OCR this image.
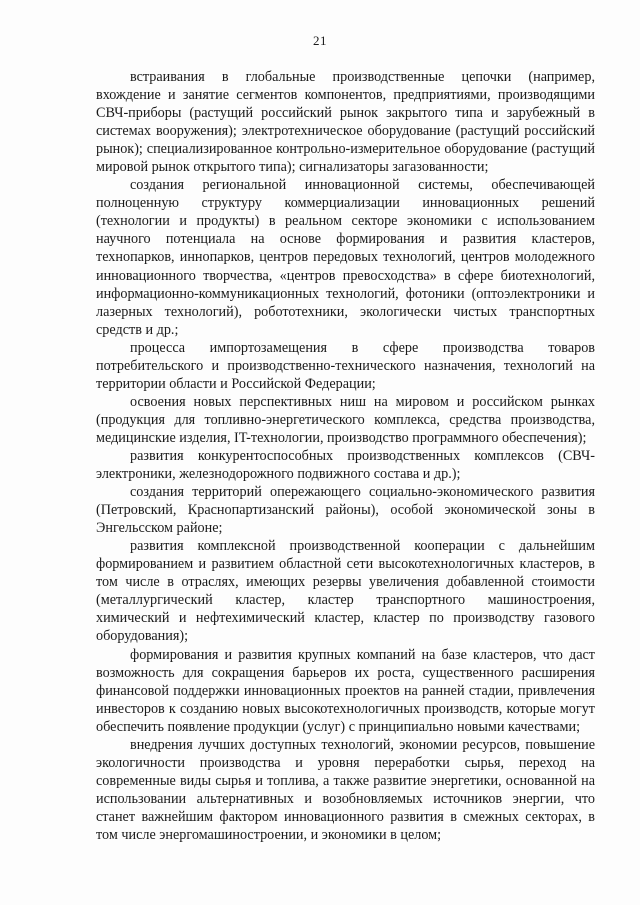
21

встраивания в глобальные производственные цепочки (например, вхождение и занятие сегментов компонентов, предприятиями, производящими СВЧ-приборы (растущий российский рынок закрытого типа и зарубежный в системах вооружения); электротехническое оборудование (растущий российский рынок); специализированное контрольно-измерительное оборудование (растущий мировой рынок открытого типа); сигнализаторы загазованности;

создания региональной инновационной системы, обеспечивающей полноценную структуру коммерциализации инновационных решений (технологии и продукты) в реальном секторе экономики с использованием научного потенциала на основе формирования и развития кластеров, технопарков, иннопарков, центров передовых технологий, центров молодежного инновационного творчества, «центров превосходства» в сфере биотехнологий, информационно-коммуникационных технологий, фотоники (оптоэлектроники и лазерных технологий), робототехники, экологически чистых транспортных средств и др.;

процесса импортозамещения в сфере производства товаров потребительского и производственно-технического назначения, технологий на территории области и Российской Федерации;

освоения новых перспективных ниш на мировом и российском рынках (продукция для топливно-энергетического комплекса, средства производства, медицинские изделия, IT-технологии, производство программного обеспечения);

развития конкурентоспособных производственных комплексов (СВЧ-электроники, железнодорожного подвижного состава и др.);

создания территорий опережающего социально-экономического развития (Петровский, Краснопартизанский районы), особой экономической зоны в Энгельсском районе;

развития комплексной производственной кооперации с дальнейшим формированием и развитием областной сети высокотехнологичных кластеров, в том числе в отраслях, имеющих резервы увеличения добавленной стоимости (металлургический кластер, кластер транспортного машиностроения, химический и нефтехимический кластер, кластер по производству газового оборудования);

формирования и развития крупных компаний на базе кластеров, что даст возможность для сокращения барьеров их роста, существенного расширения финансовой поддержки инновационных проектов на ранней стадии, привлечения инвесторов к созданию новых высокотехнологичных производств, которые могут обеспечить появление продукции (услуг) с принципиально новыми качествами;

внедрения лучших доступных технологий, экономии ресурсов, повышение экологичности производства и уровня переработки сырья, переход на современные виды сырья и топлива, а также развитие энергетики, основанной на использовании альтернативных и возобновляемых источников энергии, что станет важнейшим фактором инновационного развития в смежных секторах, в том числе энергомашиностроении, и экономики в целом;
